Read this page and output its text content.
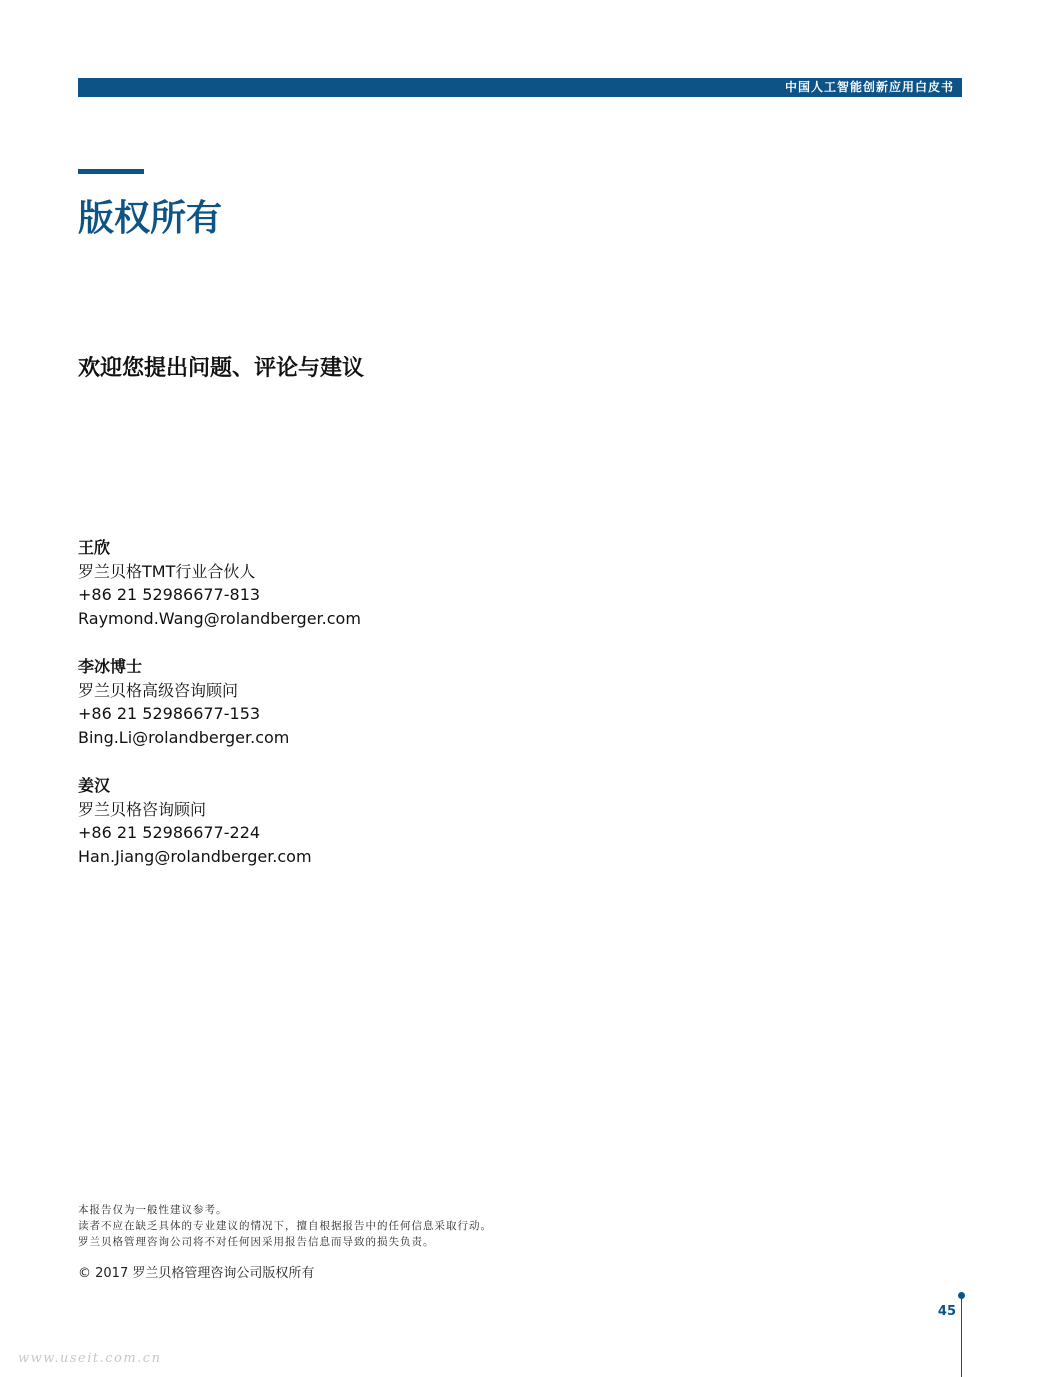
中国人工智能创新应用白皮书
版权所有
欢迎您提出问题、评论与建议
王欣
罗兰贝格TMT行业合伙人
+86 21 52986677-813
Raymond.Wang@rolandberger.com
李冰博士
罗兰贝格高级咨询顾问
+86 21 52986677-153
Bing.Li@rolandberger.com
姜汉
罗兰贝格咨询顾问
+86 21 52986677-224
Han.Jiang@rolandberger.com
本报告仅为一般性建议参考。
读者不应在缺乏具体的专业建议的情况下，擅自根据报告中的任何信息采取行动。
罗兰贝格管理咨询公司将不对任何因采用报告信息而导致的损失负责。
© 2017 罗兰贝格管理咨询公司版权所有
45
www.useit.com.cn
